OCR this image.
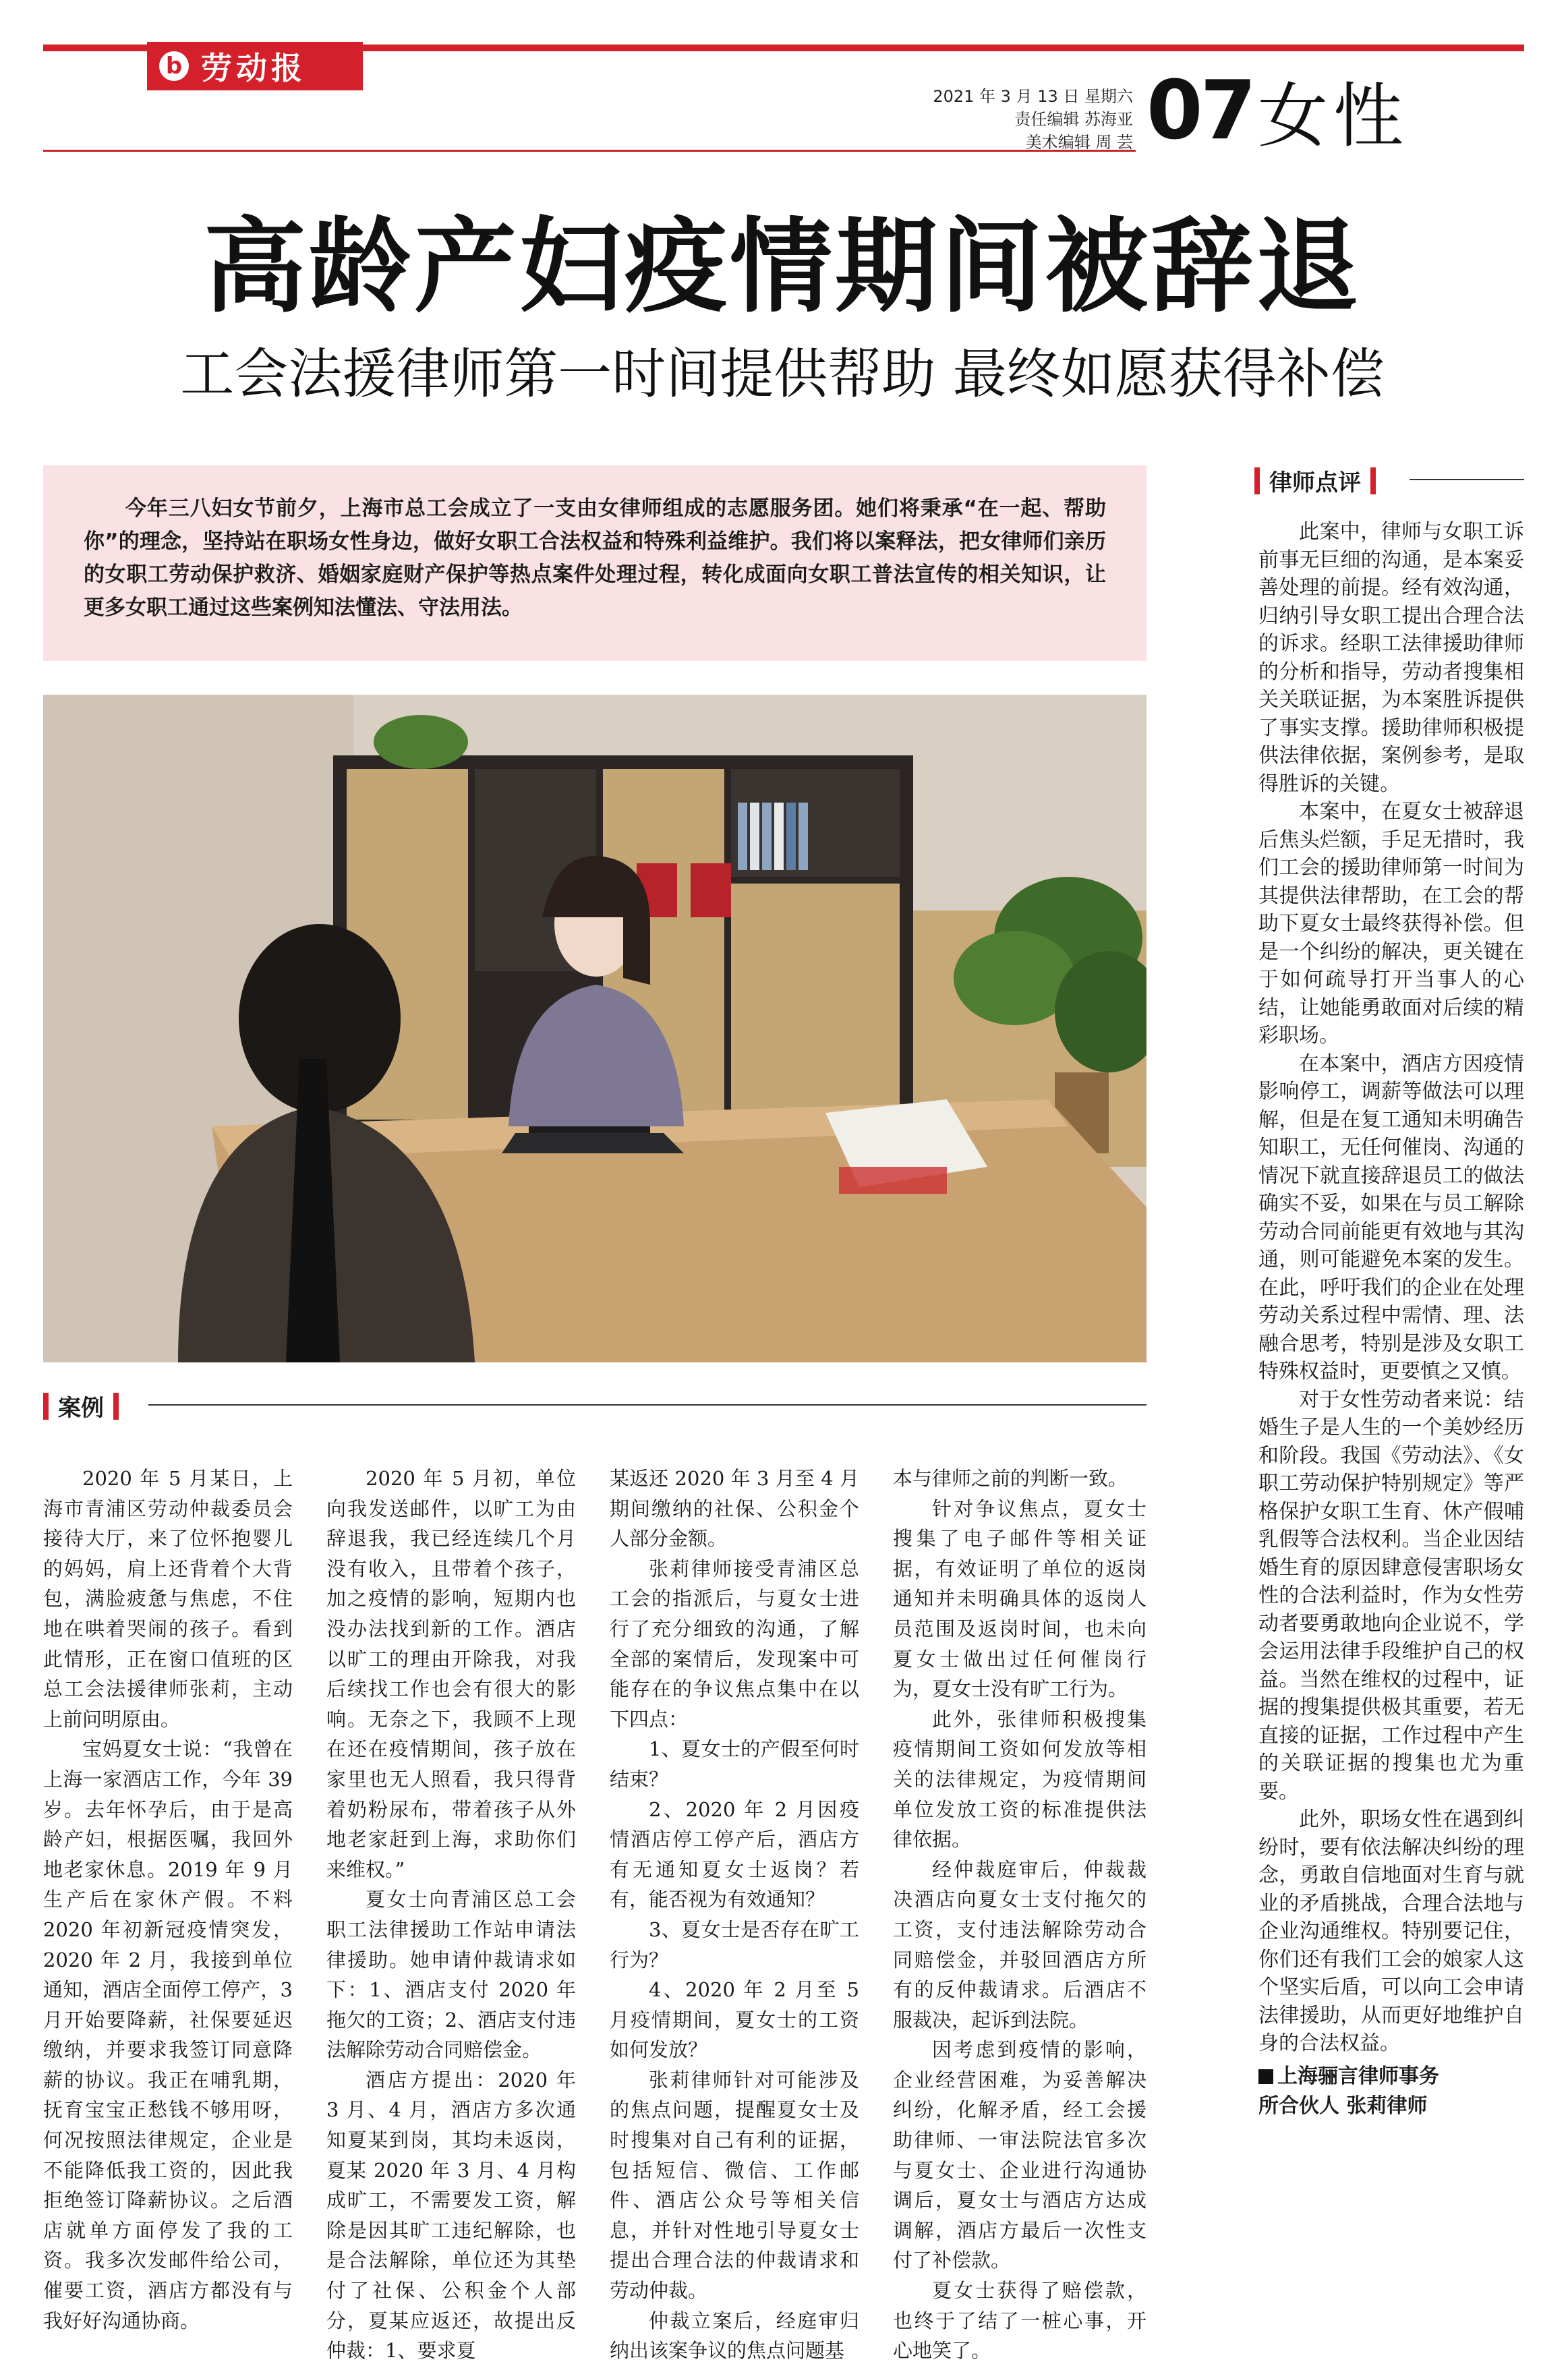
b 劳动报
2021 年 3 月 13 日 星期六
责任编辑 苏海亚
美术编辑 周 芸 07 女性
高龄产妇疫情期间被辞退
工会法援律师第一时间提供帮助 最终如愿获得补偿
今年三八妇女节前夕，上海市总工会成立了一支由女律师组成的志愿服务团。她们将秉承“在一起、帮助你”的理念，坚持站在职场女性身边，做好女职工合法权益和特殊利益维护。我们将以案释法，把女律师们亲历的女职工劳动保护救济、婚姻家庭财产保护等热点案件处理过程，转化成面向女职工普法宣传的相关知识，让更多女职工通过这些案例知法懂法、守法用法。
案例

2020 年 5 月某日，上海市青浦区劳动仲裁委员会接待大厅，来了位怀抱婴儿的妈妈，肩上还背着个大背包，满脸疲惫与焦虑，不住地在哄着哭闹的孩子。看到此情形，正在窗口值班的区总工会法援律师张莉，主动上前问明原由。

宝妈夏女士说：“我曾在上海一家酒店工作，今年 39 岁。去年怀孕后，由于是高龄产妇，根据医嘱，我回外地老家休息。2019 年 9 月生产后在家休产假。不料 2020 年初新冠疫情突发，2020 年 2 月，我接到单位通知，酒店全面停工停产，3 月开始要降薪，社保要延迟缴纳，并要求我签订同意降薪的协议。我正在哺乳期，抚育宝宝正愁钱不够用呀，何况按照法律规定，企业是不能降低我工资的，因此我拒绝签订降薪协议。之后酒店就单方面停发了我的工资。我多次发邮件给公司，催要工资，酒店方都没有与我好好沟通协商。

2020 年 5 月初，单位向我发送邮件，以旷工为由辞退我，我已经连续几个月没有收入，且带着个孩子，加之疫情的影响，短期内也没办法找到新的工作。酒店以旷工的理由开除我，对我后续找工作也会有很大的影响。无奈之下，我顾不上现在还在疫情期间，孩子放在家里也无人照看，我只得背着奶粉尿布，带着孩子从外地老家赶到上海，求助你们来维权。”

夏女士向青浦区总工会职工法律援助工作站申请法律援助。她申请仲裁请求如下：1、酒店支付 2020 年拖欠的工资；2、酒店支付违法解除劳动合同赔偿金。

酒店方提出：2020 年 3 月、4 月，酒店方多次通知夏某到岗，其均未返岗，夏某 2020 年 3 月、4 月构成旷工，不需要发工资，解除是因其旷工违纪解除，也是合法解除，单位还为其垫付了社保、公积金个人部分，夏某应返还，故提出反仲裁：1、要求夏

某返还 2020 年 3 月至 4 月期间缴纳的社保、公积金个人部分金额。

张莉律师接受青浦区总工会的指派后，与夏女士进行了充分细致的沟通，了解全部的案情后，发现案中可能存在的争议焦点集中在以下四点：

1、夏女士的产假至何时结束？

2、2020 年 2 月因疫情酒店停工停产后，酒店方有无通知夏女士返岗？若有，能否视为有效通知？

3、夏女士是否存在旷工行为？

4、2020 年 2 月至 5 月疫情期间，夏女士的工资如何发放？

张莉律师针对可能涉及的焦点问题，提醒夏女士及时搜集对自己有利的证据，包括短信、微信、工作邮件、酒店公众号等相关信息，并针对性地引导夏女士提出合理合法的仲裁请求和劳动仲裁。

仲裁立案后，经庭审归纳出该案争议的焦点问题基

本与律师之前的判断一致。

针对争议焦点，夏女士搜集了电子邮件等相关证据，有效证明了单位的返岗通知并未明确具体的返岗人员范围及返岗时间，也未向夏女士做出过任何催岗行为，夏女士没有旷工行为。

此外，张律师积极搜集疫情期间工资如何发放等相关的法律规定，为疫情期间单位发放工资的标准提供法律依据。

经仲裁庭审后，仲裁裁决酒店向夏女士支付拖欠的工资，支付违法解除劳动合同赔偿金，并驳回酒店方所有的反仲裁请求。后酒店不服裁决，起诉到法院。

因考虑到疫情的影响，企业经营困难，为妥善解决纠纷，化解矛盾，经工会援助律师、一审法院法官多次与夏女士、企业进行沟通协调后，夏女士与酒店方达成调解，酒店方最后一次性支付了补偿款。

夏女士获得了赔偿款，也终于了结了一桩心事，开心地笑了。

律师点评

此案中，律师与女职工诉前事无巨细的沟通，是本案妥善处理的前提。经有效沟通，归纳引导女职工提出合理合法的诉求。经职工法律援助律师的分析和指导，劳动者搜集相关关联证据，为本案胜诉提供了事实支撑。援助律师积极提供法律依据，案例参考，是取得胜诉的关键。

本案中，在夏女士被辞退后焦头烂额，手足无措时，我们工会的援助律师第一时间为其提供法律帮助，在工会的帮助下夏女士最终获得补偿。但是一个纠纷的解决，更关键在于如何疏导打开当事人的心结，让她能勇敢面对后续的精彩职场。

在本案中，酒店方因疫情影响停工，调薪等做法可以理解，但是在复工通知未明确告知职工，无任何催岗、沟通的情况下就直接辞退员工的做法确实不妥，如果在与员工解除劳动合同前能更有效地与其沟通，则可能避免本案的发生。在此，呼吁我们的企业在处理劳动关系过程中需情、理、法融合思考，特别是涉及女职工特殊权益时，更要慎之又慎。

对于女性劳动者来说：结婚生子是人生的一个美妙经历和阶段。我国《劳动法》、《女职工劳动保护特别规定》等严格保护女职工生育、休产假哺乳假等合法权利。当企业因结婚生育的原因肆意侵害职场女性的合法利益时，作为女性劳动者要勇敢地向企业说不，学会运用法律手段维护自己的权益。当然在维权的过程中，证据的搜集提供极其重要，若无直接的证据，工作过程中产生的关联证据的搜集也尤为重要。

此外，职场女性在遇到纠纷时，要有依法解决纠纷的理念，勇敢自信地面对生育与就业的矛盾挑战，合理合法地与企业沟通维权。特别要记住，你们还有我们工会的娘家人这个坚实后盾，可以向工会申请法律援助，从而更好地维护自身的合法权益。

上海骊言律师事务
所合伙人 张莉律师
